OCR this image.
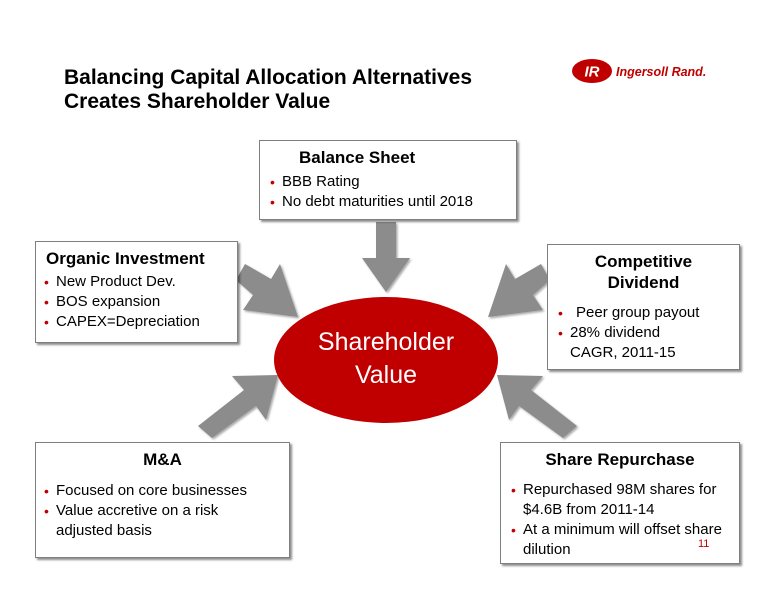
Balancing Capital Allocation Alternatives
Creates Shareholder Value
IR Ingersoll Rand.
Shareholder
Value
Balance Sheet
• BBB Rating
• No debt maturities until 2018
Organic Investment
• New Product Dev.
• BOS expansion
• CAPEX=Depreciation
Competitive
Dividend
• Peer group payout
• 28% dividend CAGR, 2011-15
M&A
• Focused on core businesses
• Value accretive on a risk adjusted basis
Share Repurchase
• Repurchased 98M shares for $4.6B from 2011-14
• At a minimum will offset share dilution	11
